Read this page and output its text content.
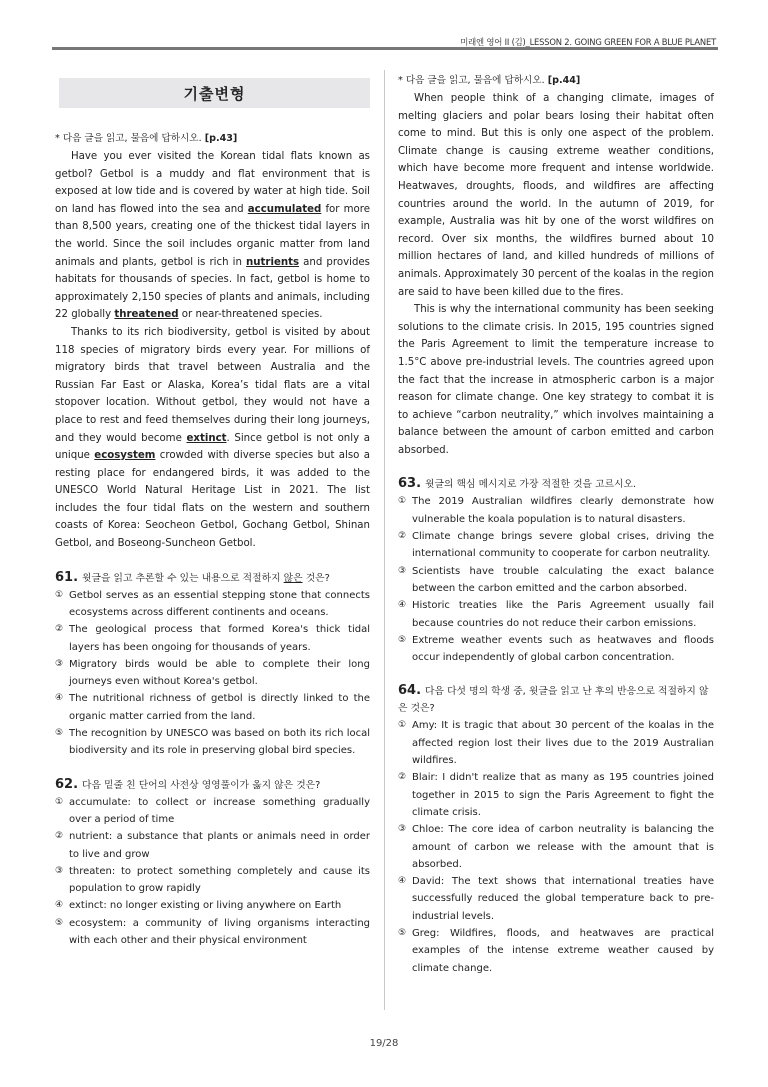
미래엔 영어 II (김)_LESSON 2. GOING GREEN FOR A BLUE PLANET
기출변형
* 다음 글을 읽고, 물음에 답하시오. [p.43]

Have you ever visited the Korean tidal flats known as getbol? Getbol is a muddy and flat environment that is exposed at low tide and is covered by water at high tide. Soil on land has flowed into the sea and accumulated for more than 8,500 years, creating one of the thickest tidal layers in the world. Since the soil includes organic matter from land animals and plants, getbol is rich in nutrients and provides habitats for thousands of species. In fact, getbol is home to approximately 2,150 species of plants and animals, including 22 globally threatened or near-threatened species.

Thanks to its rich biodiversity, getbol is visited by about 118 species of migratory birds every year. For millions of migratory birds that travel between Australia and the Russian Far East or Alaska, Korea’s tidal flats are a vital stopover location. Without getbol, they would not have a place to rest and feed themselves during their long journeys, and they would become extinct. Since getbol is not only a unique ecosystem crowded with diverse species but also a resting place for endangered birds, it was added to the UNESCO World Natural Heritage List in 2021. The list includes the four tidal flats on the western and southern coasts of Korea: Seocheon Getbol, Gochang Getbol, Shinan Getbol, and Boseong-Suncheon Getbol.

61. 윗글을 읽고 추론할 수 있는 내용으로 적절하지 않은 것은?
① Getbol serves as an essential stepping stone that connects ecosystems across different continents and oceans.
② The geological process that formed Korea's thick tidal layers has been ongoing for thousands of years.
③ Migratory birds would be able to complete their long journeys even without Korea's getbol.
④ The nutritional richness of getbol is directly linked to the organic matter carried from the land.
⑤ The recognition by UNESCO was based on both its rich local biodiversity and its role in preserving global bird species.
62. 다음 밑줄 친 단어의 사전상 영영풀이가 옳지 않은 것은?
① accumulate: to collect or increase something gradually over a period of time
② nutrient: a substance that plants or animals need in order to live and grow
③ threaten: to protect something completely and cause its population to grow rapidly
④ extinct: no longer existing or living anywhere on Earth
⑤ ecosystem: a community of living organisms interacting with each other and their physical environment
* 다음 글을 읽고, 물음에 답하시오. [p.44]

When people think of a changing climate, images of melting glaciers and polar bears losing their habitat often come to mind. But this is only one aspect of the problem. Climate change is causing extreme weather conditions, which have become more frequent and intense worldwide. Heatwaves, droughts, floods, and wildfires are affecting countries around the world. In the autumn of 2019, for example, Australia was hit by one of the worst wildfires on record. Over six months, the wildfires burned about 10 million hectares of land, and killed hundreds of millions of animals. Approximately 30 percent of the koalas in the region are said to have been killed due to the fires.

This is why the international community has been seeking solutions to the climate crisis. In 2015, 195 countries signed the Paris Agreement to limit the temperature increase to 1.5°C above pre-industrial levels. The countries agreed upon the fact that the increase in atmospheric carbon is a major reason for climate change. One key strategy to combat it is to achieve “carbon neutrality,” which involves maintaining a balance between the amount of carbon emitted and carbon absorbed.

63. 윗글의 핵심 메시지로 가장 적절한 것을 고르시오.
① The 2019 Australian wildfires clearly demonstrate how vulnerable the koala population is to natural disasters.
② Climate change brings severe global crises, driving the international community to cooperate for carbon neutrality.
③ Scientists have trouble calculating the exact balance between the carbon emitted and the carbon absorbed.
④ Historic treaties like the Paris Agreement usually fail because countries do not reduce their carbon emissions.
⑤ Extreme weather events such as heatwaves and floods occur independently of global carbon concentration.
64. 다음 다섯 명의 학생 중, 윗글을 읽고 난 후의 반응으로 적절하지 않은 것은?
① Amy: It is tragic that about 30 percent of the koalas in the affected region lost their lives due to the 2019 Australian wildfires.
② Blair: I didn't realize that as many as 195 countries joined together in 2015 to sign the Paris Agreement to fight the climate crisis.
③ Chloe: The core idea of carbon neutrality is balancing the amount of carbon we release with the amount that is absorbed.
④ David: The text shows that international treaties have successfully reduced the global temperature back to pre-industrial levels.
⑤ Greg: Wildfires, floods, and heatwaves are practical examples of the intense extreme weather caused by climate change.
19/28
